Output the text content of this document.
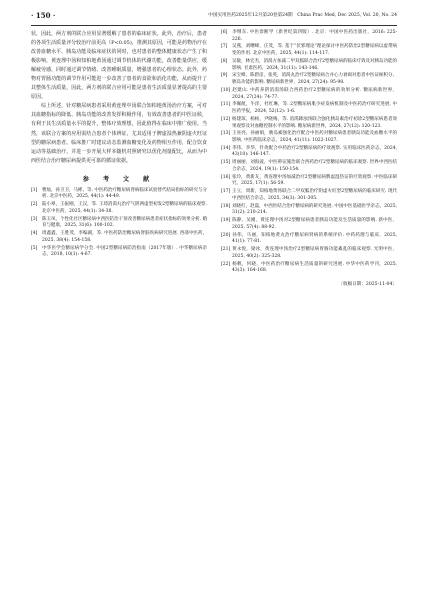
· 150 ·	中国实用医药2025年12月第20卷第24期　China Prac Med, Dec 2025, Vol. 20, No. 24

状，因此，两方剂的联合应用显著缓解了患者的临床症状。此外，治疗后，患者的各项生活质量评分较治疗前更高（P<0.05)，推测其原因，可能是药物治疗在改善血糖水平、胰岛功能及临床症状的同时，也对患者的整体健康状态产生了积极影响，黄连理中汤和知柏地黄汤通过调节机体的代谢功能，改善能量供应，缓解疲劳感，同时通过调节情绪、改善睡眠质量，增强患者的心理状态。此外，药物对胃肠功能的调节作用可能进一步改善了患者的食欲和消化功能，从而提升了其整体生活质量，因此，两方剂的联合应用可能是患者生活质量显著提高的主要原因。

综上所述，针对糖尿病患者采用黄连理中汤联合知柏地黄汤治疗方案，可对其血糖指标的降低、胰岛功能的改善发挥积极作用，有效改善患者的中医证候，有利于其生活质量水平的提升，整体疗效理想，因此值得在临床中推广使用。当然，该联合方案的应用需结合患者个体辨证，尤其适用于脾虚湿热兼阴虚火旺证型的糖尿病患者。临床推广时建议动态监测血糖变化及药物相互作用，配合饮食运动等基础治疗，并进一步开展大样本随机对照研究以优化剂量配比，从而为中西医结合治疗糖尿病提供更可靠的循证依据。

参 考 文 献
[1] 曹灿，孙卫卫，马彬，等. 中医药治疗糖尿病肾病临床试验替代结局指标的研究与分析. 北京中医药，2025, 44(1): 44-49.
[2] 陆小翠，王振刚，王汉，等. 王琦消渴丸治疗气阴两虚型初发2型糖尿病的临床观察. 北京中医药，2025, 44(1): 34-38.
[3] 陈玉凤，个性化社区糖尿病中西医防治干预改善糖尿病患者症状指标的效果分析. 婚育与健康，2025, 31(6): 100-102.
[4] 周鑫鑫，王胜茂，李编湖，等. 中医药防治糖尿病肾脏疾病研究进展. 西部中医药，2025, 38(4): 154-158.
[5] 中华医学会糖尿病学分会. 中国2型糖尿病防治指南（2017年版）. 中华糖尿病杂志，2018, 10(1): 4-67.
[6] 李继东. 中医诊断学（新世纪第四版）. 北京：中国中医药出版社，2016: 225-226.
[7] 吴燕，刘曙峰，庄茂，等. 基于“伏邪理论”理论探讨中医药防治2型糖尿病以虚带病变的作用. 北京中医药，2025, 44(1): 114-117.
[8] 吴敏，林宏杰，消渴方加减二甲双胍联合治疗2型糖尿病的临床疗效及对胰岛功能的影响. 甘肃医药，2024, 31(11): 143-146.
[9] 宋宝峰，陈碧彦，张英，消渴丸治疗2型糖尿病合并心力衰竭对患者中医证候积分、胰岛功能的影响. 糖尿病新世界，2024, 27(24): 95-98.
[10] 赵建山. 中药养阴消渴汤联合西药治疗2型糖尿病的效果分析. 糖尿病新世界，2024, 27(24): 74-77.
[11] 李佩航，牛洋，杜红琳，等. 2型糖尿病肌少症发病机制及中医药治疗研究进展. 中医药学报，2024, 52(12): 1-6.
[12] 杨建琼，杨杨，尹晓梅，等. 消渴降浊汤联合强化胰岛素治疗初诊2型糖尿病患者效果观察及对血糖控制水平的影响. 糖尿病新世界，2024, 27(12): 120-123.
[13] 王亮亮，孙丽娟，胰岛素强化治疗配合中医药对糖尿病患者胰岛功能及血糖水平的影响. 中医药临床杂志，2024, 41(11): 1022-1027.
[14] 李伟，李华，针灸配合中药治疗2型糖尿病的疗效观察. 实用临床医药杂志，2024, 43(10): 146-147.
[15] 周丽丽，刘海波，中医辨证施治联合西药治疗2型糖尿病的临床观察. 世界中西医结合杂志，2024, 19(1): 150-154.
[16] 张玲，黄新友，黄连理中汤加减治疗2型糖尿病脾虚湿热证的疗效观察. 中医临床研究，2025, 17(1): 56-59.
[17] 王立，周新，知柏地黄汤联合二甲双胍治疗阴虚火旺型2型糖尿病的临床研究. 现代中西医结合杂志，2025, 34(3): 301-305.
[18] 刘晓红，赵磊，中西医结合治疗糖尿病的研究进展. 中国中医基础医学杂志，2025, 31(2): 210-214.
[19] 陈静，吴刚，黄连理中汤对2型糖尿病患者胰岛功能及生活质量的影响. 新中医，2025, 57(4): 88-92.
[20] 孙伟，马丽，知柏地黄丸治疗糖尿病肾病的系统评价. 中药药理与临床，2025, 41(1): 77-81.
[21] 黄永悦，梁冰，黄连理中汤治疗2型糖尿病胃肠功能紊乱的临床观察. 光明中医，2025, 40(2): 325-328.
[22] 杨帆，何晓，中医药治疗糖尿病生活质量的研究进展. 中华中医药学刊，2025, 43(3): 164-168.
〔收稿日期：2025-11-04〕
